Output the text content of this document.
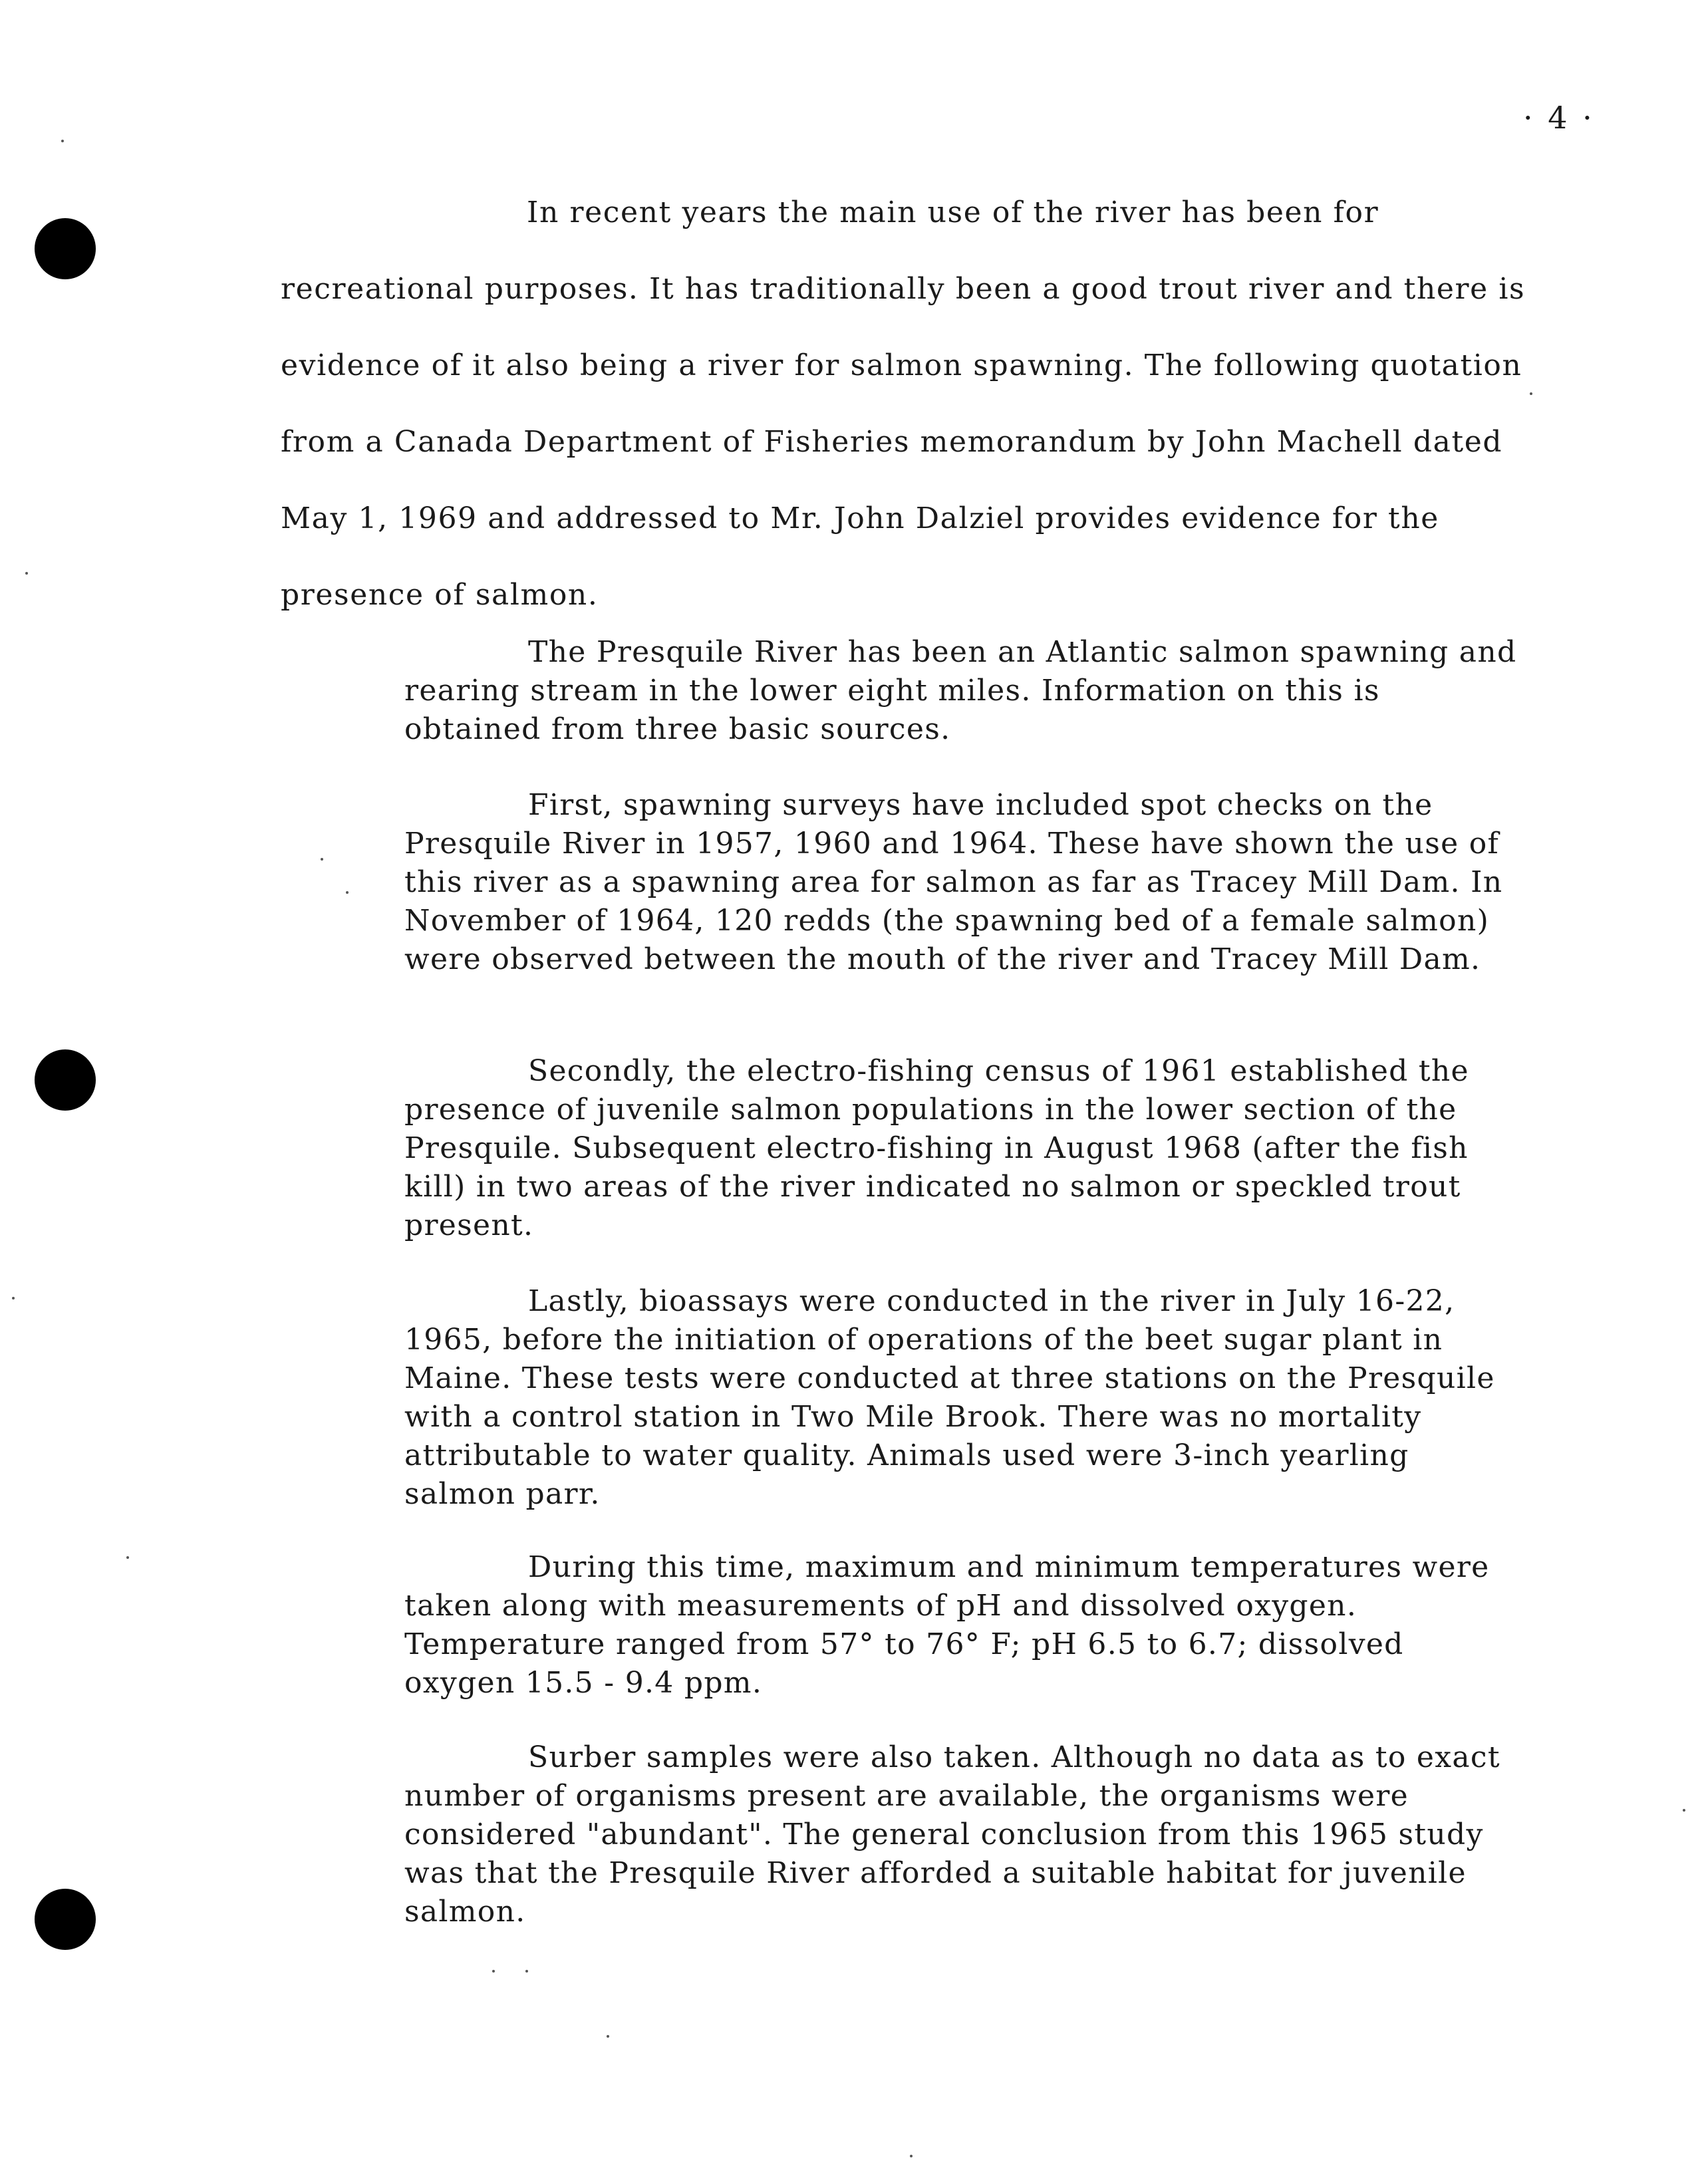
· 4 ·

In recent years the main use of the river has been for recreational purposes. It has traditionally been a good trout river and there is evidence of it also being a river for salmon spawning. The following quotation from a Canada Department of Fisheries memorandum by John Machell dated May 1, 1969 and addressed to Mr. John Dalziel provides evidence for the presence of salmon.

The Presquile River has been an Atlantic salmon spawning and rearing stream in the lower eight miles. Information on this is obtained from three basic sources.

First, spawning surveys have included spot checks on the Presquile River in 1957, 1960 and 1964. These have shown the use of this river as a spawning area for salmon as far as Tracey Mill Dam. In November of 1964, 120 redds (the spawning bed of a female salmon) were observed between the mouth of the river and Tracey Mill Dam.

Secondly, the electro-fishing census of 1961 established the presence of juvenile salmon populations in the lower section of the Presquile. Subsequent electro-fishing in August 1968 (after the fish kill) in two areas of the river indicated no salmon or speckled trout present.

Lastly, bioassays were conducted in the river in July 16-22, 1965, before the initiation of operations of the beet sugar plant in Maine. These tests were conducted at three stations on the Presquile with a control station in Two Mile Brook. There was no mortality attributable to water quality. Animals used were 3-inch yearling salmon parr.

During this time, maximum and minimum temperatures were taken along with measurements of pH and dissolved oxygen. Temperature ranged from 57° to 76° F; pH 6.5 to 6.7; dissolved oxygen 15.5 - 9.4 ppm.

Surber samples were also taken. Although no data as to exact number of organisms present are available, the organisms were considered "abundant". The general conclusion from this 1965 study was that the Presquile River afforded a suitable habitat for juvenile salmon.
